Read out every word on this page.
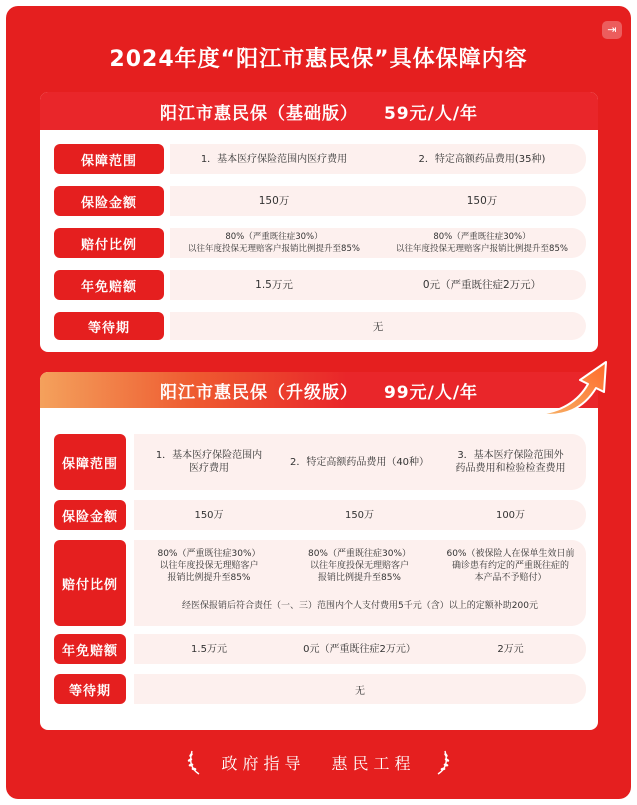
⇥
2024年度“阳江市惠民保”具体保障内容
阳江市惠民保（基础版） 59元/人/年
保障范围	1．基本医疗保险范围内医疗费用	2．特定高额药品费用(35种)
保险金额	150万	150万
赔付比例
80%（严重既往症30%）
以往年度投保无理赔客户报销比例提升至85%
80%（严重既往症30%）
以往年度投保无理赔客户报销比例提升至85%
年免赔额	1.5万元	0元（严重既往症2万元）
等待期	无
阳江市惠民保（升级版） 99元/人/年
保障范围
1．基本医疗保险范围内
医疗费用
2．特定高额药品费用（40种）
3．基本医疗保险范围外
药品费用和检验检查费用
保险金额	150万	150万	100万
赔付比例
80%（严重既往症30%）
以往年度投保无理赔客户
报销比例提升至85%
80%（严重既往症30%）
以往年度投保无理赔客户
报销比例提升至85%
60%（被保险人在保单生效日前
确诊患有约定的严重既往症的
本产品不予赔付）
经医保报销后符合责任（一、三）范围内个人支付费用5千元（含）以上的定额补助200元
年免赔额	1.5万元	0元（严重既往症2万元）	2万元
等待期	无
政府指导 惠民工程
